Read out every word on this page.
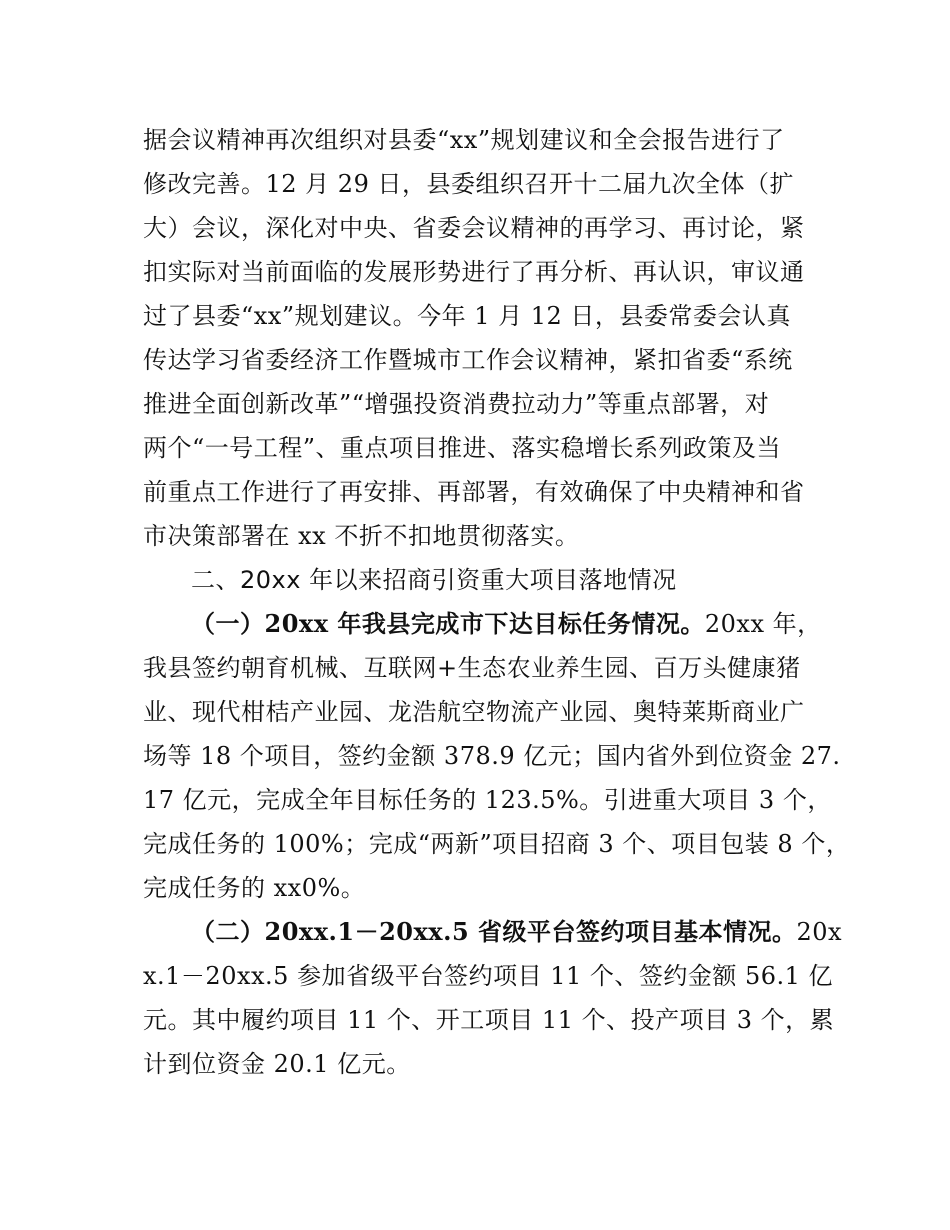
据会议精神再次组织对县委“xx”规划建议和全会报告进行了
修改完善。12 月 29 日，县委组织召开十二届九次全体（扩
大）会议，深化对中央、省委会议精神的再学习、再讨论，紧
扣实际对当前面临的发展形势进行了再分析、再认识，审议通
过了县委“xx”规划建议。今年 1 月 12 日，县委常委会认真
传达学习省委经济工作暨城市工作会议精神，紧扣省委“系统
推进全面创新改革”“增强投资消费拉动力”等重点部署，对
两个“一号工程”、重点项目推进、落实稳增长系列政策及当
前重点工作进行了再安排、再部署，有效确保了中央精神和省
市决策部署在 xx 不折不扣地贯彻落实。
二、20xx 年以来招商引资重大项目落地情况
（一）20xx 年我县完成市下达目标任务情况。20xx 年，
我县签约朝育机械、互联网+生态农业养生园、百万头健康猪
业、现代柑桔产业园、龙浩航空物流产业园、奥特莱斯商业广
场等 18 个项目，签约金额 378.9 亿元；国内省外到位资金 27.
17 亿元，完成全年目标任务的 123.5%。引进重大项目 3 个，
完成任务的 100%；完成“两新”项目招商 3 个、项目包装 8 个，
完成任务的 xx0%。
（二）20xx.1－20xx.5 省级平台签约项目基本情况。20x
x.1－20xx.5 参加省级平台签约项目 11 个、签约金额 56.1 亿
元。其中履约项目 11 个、开工项目 11 个、投产项目 3 个，累
计到位资金 20.1 亿元。
